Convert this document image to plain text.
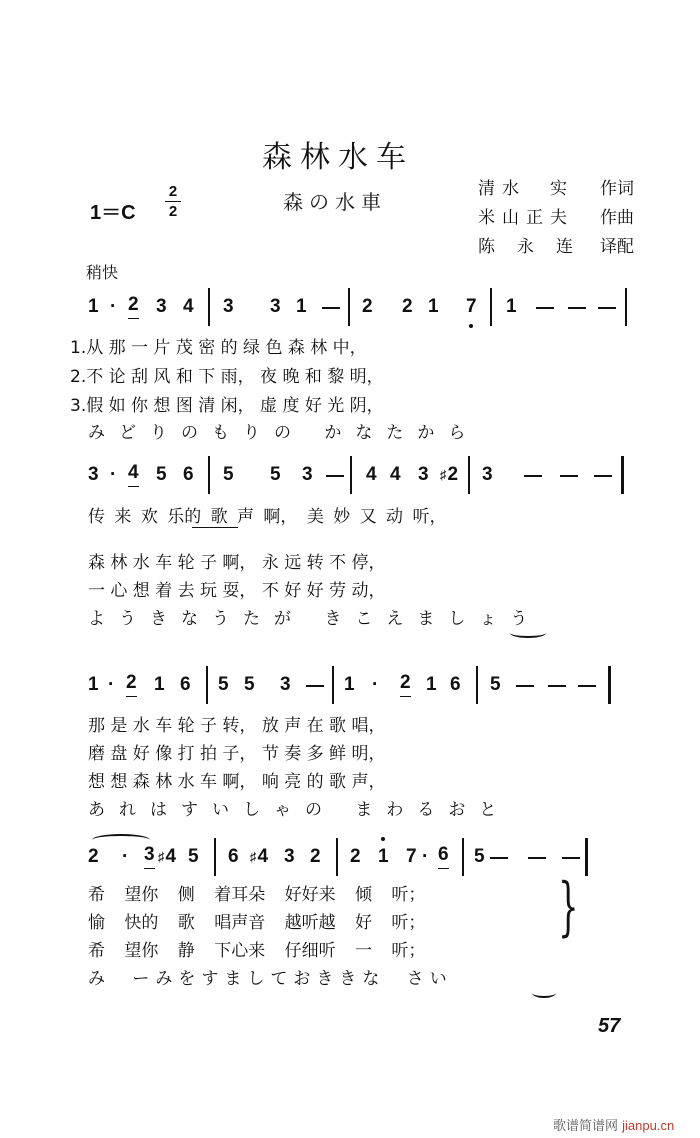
森林水车
森の水車
1＝C
2
2
清水　实 作词
米山正夫 作曲
陈永连 译配
稍快
1 · 2 3 4 3 3 1	2 2 1 7 1
1.从 那 一 片 茂 密 的 绿 色 森 林 中，
2.不 论 刮 风 和 下 雨， 夜 晚 和 黎 明，
3.假 如 你 想 图 清 闲， 虚 度 好 光 阴，
みどりのもりの かなたから
3 · 4 5 6 5 5 3	4 4 3 ♯2 3
传 来 欢 乐的 歌 声 啊， 美 妙 又 动 听，
森 林 水 车 轮 子 啊， 永 远 转 不 停，
一 心 想 着 去 玩 耍， 不 好 好 劳 动，
ようきなうたが きこえましょう
1 · 2 1 6 5 5 3	1 · 2 1 6 5
那 是 水 车 轮 子 转， 放 声 在 歌 唱，
磨 盘 好 像 打 拍 子， 节 奏 多 鲜 明，
想 想 森 林 水 车 啊， 响 亮 的 歌 声，
あれはすいしゃの まわるおと
2 · 3 ♯4 5 6 ♯4 3 2 2 1 7 · 6 5
希 望你 侧 着耳朵 好好来 倾 听；
愉 快的 歌 唱声音 越听越 好 听；
希 望你 静 下心来 仔细听 一 听；
}
み ーみをすましておききな さい
57
歌谱简谱网 jianpu.cn
